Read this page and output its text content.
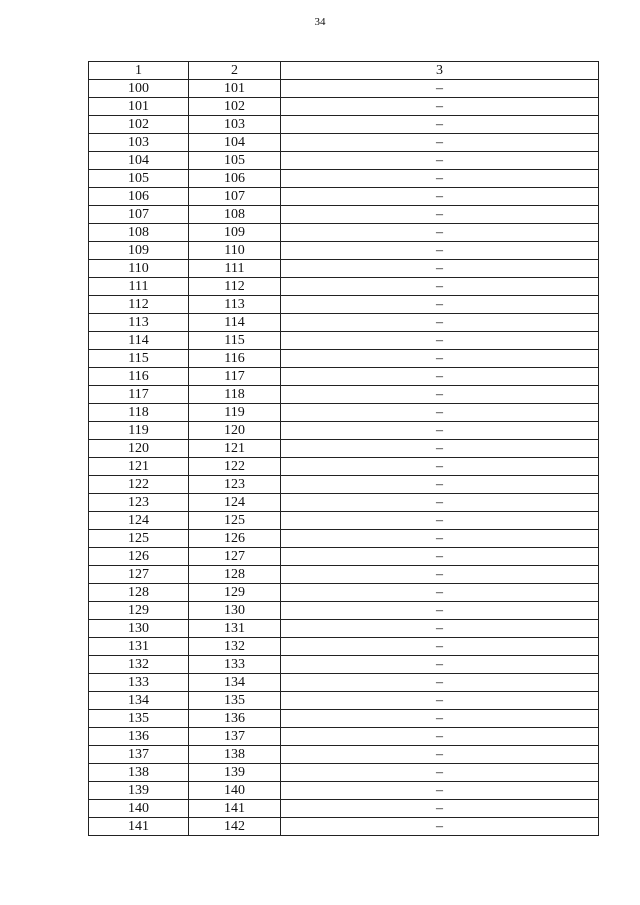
34
1	2	3
100	101	–
101	102	–
102	103	–
103	104	–
104	105	–
105	106	–
106	107	–
107	108	–
108	109	–
109	110	–
110	111	–
111	112	–
112	113	–
113	114	–
114	115	–
115	116	–
116	117	–
117	118	–
118	119	–
119	120	–
120	121	–
121	122	–
122	123	–
123	124	–
124	125	–
125	126	–
126	127	–
127	128	–
128	129	–
129	130	–
130	131	–
131	132	–
132	133	–
133	134	–
134	135	–
135	136	–
136	137	–
137	138	–
138	139	–
139	140	–
140	141	–
141	142	–
